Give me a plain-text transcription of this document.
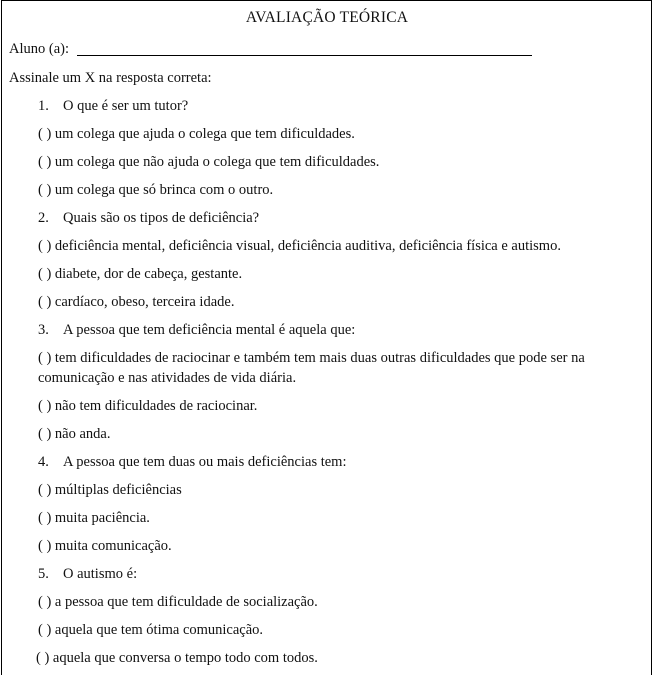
AVALIAÇÃO TEÓRICA
Aluno (a):
Assinale um X na resposta correta:
1. O que é ser um tutor?
( ) um colega que ajuda o colega que tem dificuldades.
( ) um colega que não ajuda o colega que tem dificuldades.
( ) um colega que só brinca com o outro.
2. Quais são os tipos de deficiência?
( ) deficiência mental, deficiência visual, deficiência auditiva, deficiência física e autismo.
( ) diabete, dor de cabeça, gestante.
( ) cardíaco, obeso, terceira idade.
3. A pessoa que tem deficiência mental é aquela que:
( ) tem dificuldades de raciocinar e também tem mais duas outras dificuldades que pode ser na comunicação e nas atividades de vida diária.
( ) não tem dificuldades de raciocinar.
( ) não anda.
4. A pessoa que tem duas ou mais deficiências tem:
( ) múltiplas deficiências
( ) muita paciência.
( ) muita comunicação.
5. O autismo é:
( ) a pessoa que tem dificuldade de socialização.
( ) aquela que tem ótima comunicação.
( ) aquela que conversa o tempo todo com todos.
